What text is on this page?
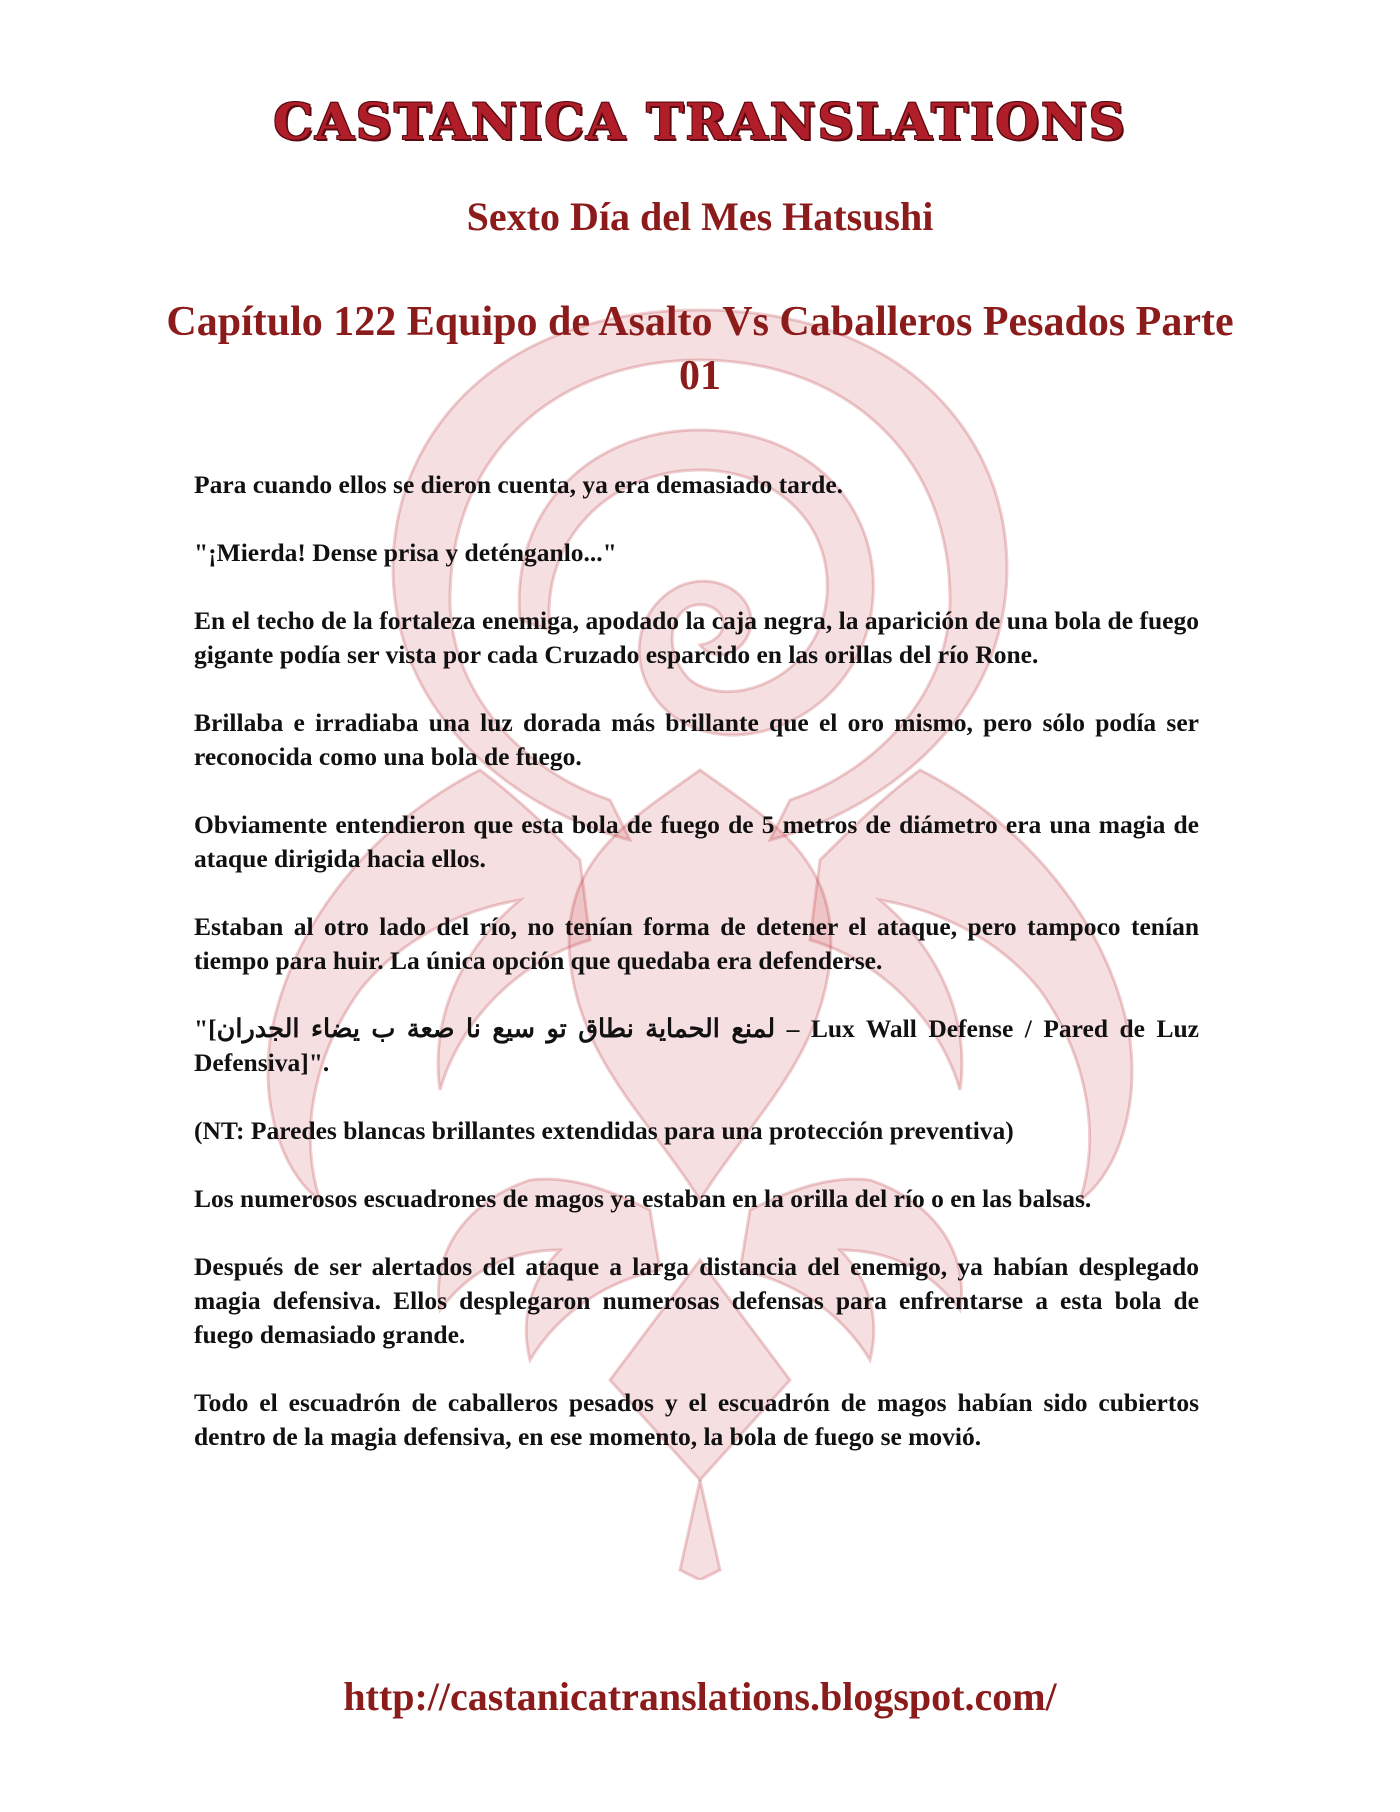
CASTANICA TRANSLATIONS
Sexto Día del Mes Hatsushi
Capítulo 122 Equipo de Asalto Vs Caballeros Pesados Parte 01

Para cuando ellos se dieron cuenta, ya era demasiado tarde.

"¡Mierda! Dense prisa y deténganlo..."

En el techo de la fortaleza enemiga, apodado la caja negra, la aparición de una bola de fuego gigante podía ser vista por cada Cruzado esparcido en las orillas del río Rone.

Brillaba e irradiaba una luz dorada más brillante que el oro mismo, pero sólo podía ser reconocida como una bola de fuego.

Obviamente entendieron que esta bola de fuego de 5 metros de diámetro era una magia de ataque dirigida hacia ellos.

Estaban al otro lado del río, no tenían forma de detener el ataque, pero tampoco tenían tiempo para huir. La única opción que quedaba era defenderse.

"[لمنع الحماية نطاق تو سيع نا صعة ب يضاء الجدران – Lux Wall Defense / Pared de Luz Defensiva]".

(NT: Paredes blancas brillantes extendidas para una protección preventiva)

Los numerosos escuadrones de magos ya estaban en la orilla del río o en las balsas.

Después de ser alertados del ataque a larga distancia del enemigo, ya habían desplegado magia defensiva. Ellos desplegaron numerosas defensas para enfrentarse a esta bola de fuego demasiado grande.

Todo el escuadrón de caballeros pesados y el escuadrón de magos habían sido cubiertos dentro de la magia defensiva, en ese momento, la bola de fuego se movió.

http://castanicatranslations.blogspot.com/
